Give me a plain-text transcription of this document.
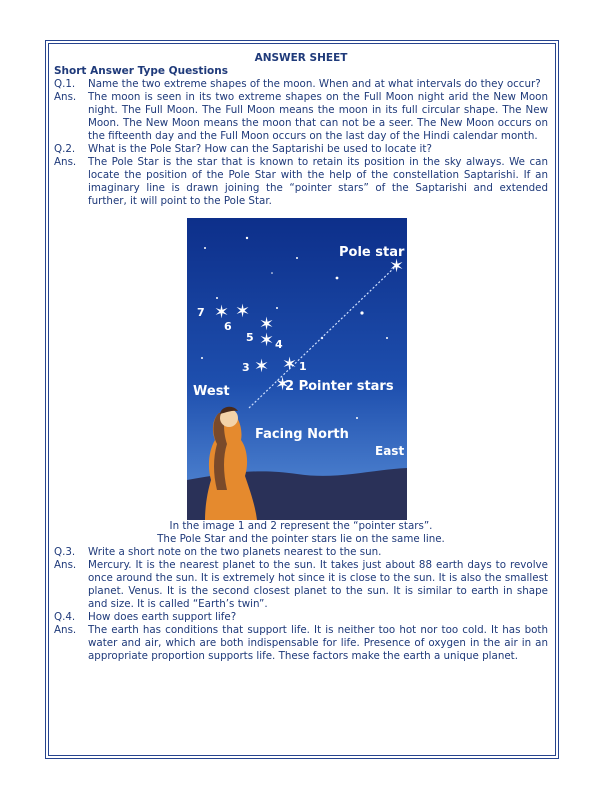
ANSWER SHEET

Short Answer Type Questions

Q.1.	Name the two extreme shapes of the moon. When and at what intervals do they occur?
Ans.	The moon is seen in its two extreme shapes on the Full Moon night arid the New Moon night. The Full Moon. The Full Moon means the moon in its full circular shape. The New Moon. The New Moon means the moon that can not be a seer. The New Moon occurs on the fifteenth day and the Full Moon occurs on the last day of the Hindi calendar month.
Q.2.	What is the Pole Star? How can the Saptarishi be used to locate it?
Ans.	The Pole Star is the star that is known to retain its position in the sky always. We can locate the position of the Pole Star with the help of the constellation Saptarishi. If an imaginary line is drawn joining the “pointer stars” of the Saptarishi and extended further, it will point to the Pole Star.
✶ ✶
✶
✶
✶ ✶
✶
✶
7
6
5
4
3	1
Pole star
2 Pointer stars
West
Facing North
East

In the image 1 and 2 represent the “pointer stars”.

The Pole Star and the pointer stars lie on the same line.

Q.3.	Write a short note on the two planets nearest to the sun.
Ans.	Mercury. It is the nearest planet to the sun. It takes just about 88 earth days to revolve once around the sun. It is extremely hot since it is close to the sun. It is also the smallest planet. Venus. It is the second closest planet to the sun. It is similar to earth in shape and size. It is called “Earth’s twin”.
Q.4.	How does earth support life?
Ans.	The earth has conditions that support life. It is neither too hot nor too cold. It has both water and air, which are both indispensable for life. Presence of oxygen in the air in an appropriate proportion supports life. These factors make the earth a unique planet.
